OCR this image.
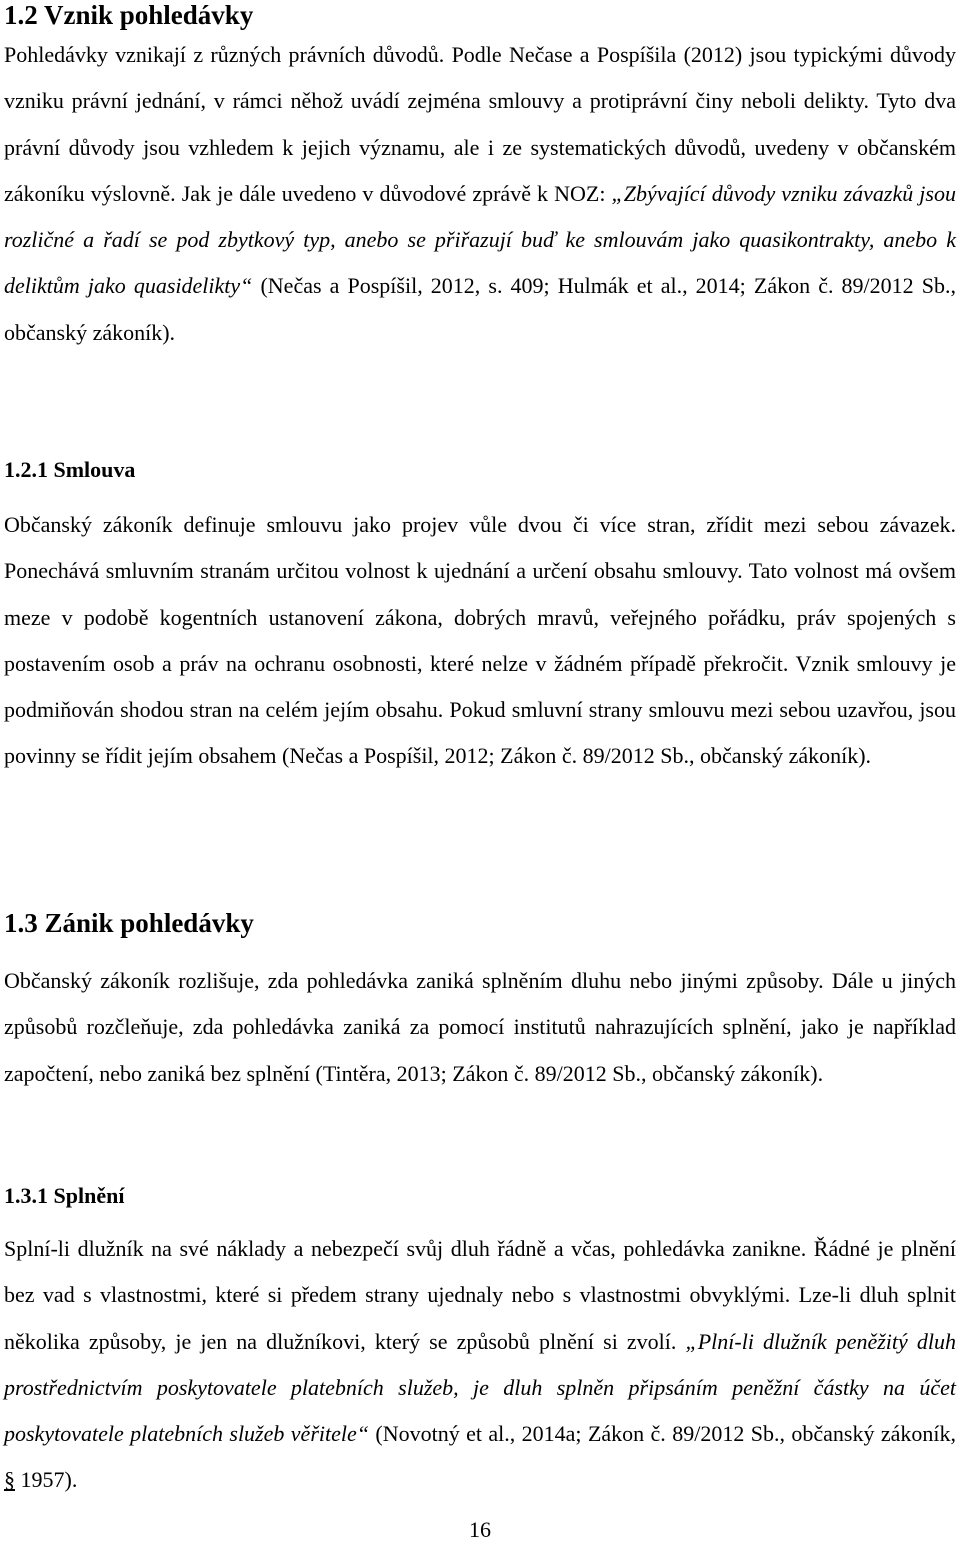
1.2 Vznik pohledávky

Pohledávky vznikají z různých právních důvodů. Podle Nečase a Pospíšila (2012) jsou typickými důvody vzniku právní jednání, v rámci něhož uvádí zejména smlouvy a protiprávní činy neboli delikty. Tyto dva právní důvody jsou vzhledem k jejich významu, ale i ze systematických důvodů, uvedeny v občanském zákoníku výslovně. Jak je dále uvedeno v důvodové zprávě k NOZ: „Zbývající důvody vzniku závazků jsou rozličné a řadí se pod zbytkový typ, anebo se přiřazují buď ke smlouvám jako quasikontrakty, anebo k deliktům jako quasidelikty“ (Nečas a Pospíšil, 2012, s. 409; Hulmák et al., 2014; Zákon č. 89/2012 Sb., občanský zákoník).

1.2.1 Smlouva

Občanský zákoník definuje smlouvu jako projev vůle dvou či více stran, zřídit mezi sebou závazek. Ponechává smluvním stranám určitou volnost k ujednání a určení obsahu smlouvy. Tato volnost má ovšem meze v podobě kogentních ustanovení zákona, dobrých mravů, veřejného pořádku, práv spojených s postavením osob a práv na ochranu osobnosti, které nelze v žádném případě překročit. Vznik smlouvy je podmiňován shodou stran na celém jejím obsahu. Pokud smluvní strany smlouvu mezi sebou uzavřou, jsou povinny se řídit jejím obsahem (Nečas a Pospíšil, 2012; Zákon č. 89/2012 Sb., občanský zákoník).

1.3 Zánik pohledávky

Občanský zákoník rozlišuje, zda pohledávka zaniká splněním dluhu nebo jinými způsoby. Dále u jiných způsobů rozčleňuje, zda pohledávka zaniká za pomocí institutů nahrazujících splnění, jako je například započtení, nebo zaniká bez splnění (Tintěra, 2013; Zákon č. 89/2012 Sb., občanský zákoník).

1.3.1 Splnění

Splní-li dlužník na své náklady a nebezpečí svůj dluh řádně a včas, pohledávka zanikne. Řádné je plnění bez vad s vlastnostmi, které si předem strany ujednaly nebo s vlastnostmi obvyklými. Lze-li dluh splnit několika způsoby, je jen na dlužníkovi, který se způsobů plnění si zvolí. „Plní-li dlužník peněžitý dluh prostřednictvím poskytovatele platebních služeb, je dluh splněn připsáním peněžní částky na účet poskytovatele platebních služeb věřitele“ (Novotný et al., 2014a; Zákon č. 89/2012 Sb., občanský zákoník, § 1957).

16
